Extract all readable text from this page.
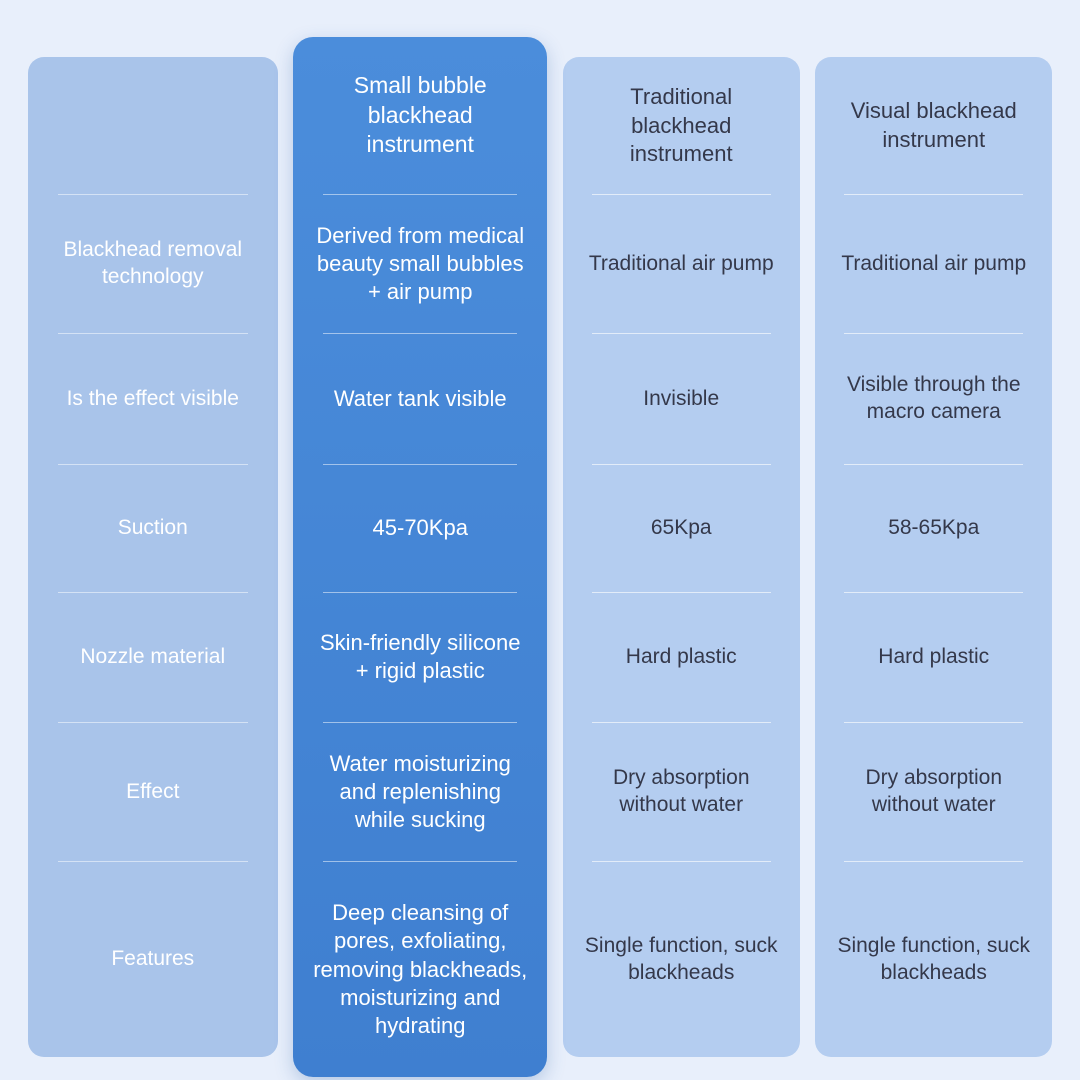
Blackhead removal technology
Is the effect visible
Suction
Nozzle material
Effect
Features
Small bubble blackhead instrument
Derived from medical beauty small bubbles + air pump
Water tank visible
45-70Kpa
Skin-friendly silicone + rigid plastic
Water moisturizing and replenishing while sucking
Deep cleansing of pores, exfoliating, removing blackheads, moisturizing and hydrating
Traditional blackhead instrument
Traditional air pump
Invisible
65Kpa
Hard plastic
Dry absorption without water
Single function, suck blackheads
Visual blackhead instrument
Traditional air pump
Visible through the macro camera
58-65Kpa
Hard plastic
Dry absorption without water
Single function, suck blackheads
